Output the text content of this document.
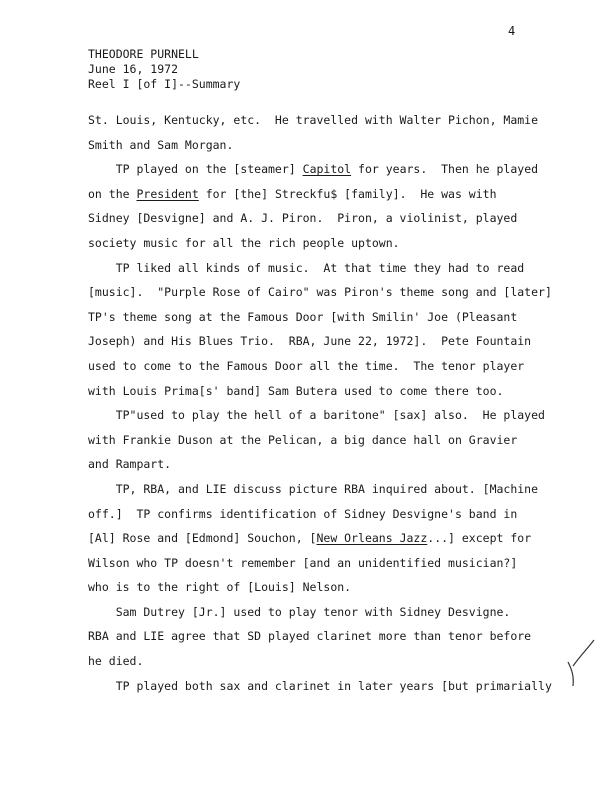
4
THEODORE PURNELL
June 16, 1972
Reel I [of I]--Summary
St. Louis, Kentucky, etc.  He travelled with Walter Pichon, Mamie
Smith and Sam Morgan.
TP played on the [steamer] Capitol for years.  Then he played
on the President for [the] Streckfu$ [family].  He was with
Sidney [Desvigne] and A. J. Piron.  Piron, a violinist, played
society music for all the rich people uptown.
TP liked all kinds of music.  At that time they had to read
[music].  "Purple Rose of Cairo" was Piron's theme song and [later]
TP's theme song at the Famous Door [with Smilin' Joe (Pleasant
Joseph) and His Blues Trio.  RBA, June 22, 1972].  Pete Fountain
used to come to the Famous Door all the time.  The tenor player
with Louis Prima[s' band] Sam Butera used to come there too.
TP"used to play the hell of a baritone" [sax] also.  He played
with Frankie Duson at the Pelican, a big dance hall on Gravier
and Rampart.
TP, RBA, and LIE discuss picture RBA inquired about. [Machine
off.]  TP confirms identification of Sidney Desvigne's band in
[Al] Rose and [Edmond] Souchon, [New Orleans Jazz...] except for
Wilson who TP doesn't remember [and an unidentified musician?]
who is to the right of [Louis] Nelson.
Sam Dutrey [Jr.] used to play tenor with Sidney Desvigne.
RBA and LIE agree that SD played clarinet more than tenor before
he died.
TP played both sax and clarinet in later years [but primarially
